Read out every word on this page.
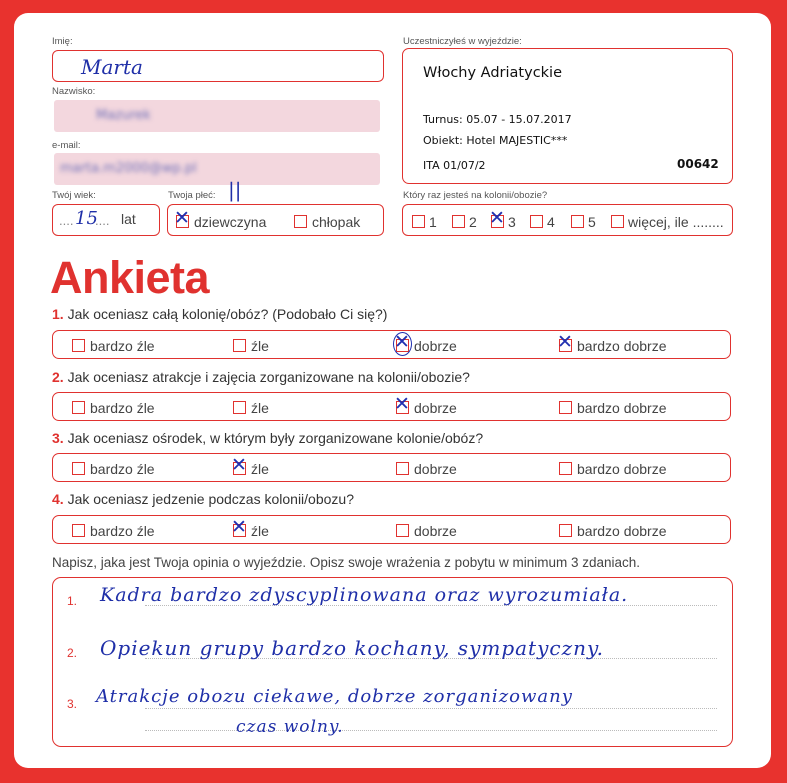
Imię:
Marta
Nazwisko:
Mazurek
e-mail:
marta.m2000@wp.pl
Twój wiek:
.... 15
.... lat
Twoja płeć:
✕ dziewczyna	chłopak
||
Uczestniczyłeś w wyjeździe:
Włochy Adriatyckie
Turnus: 05.07 - 15.07.2017
Obiekt: Hotel MAJESTIC***
ITA 01/07/2	00642
Który raz jesteś na kolonii/obozie?
1	2 ✕ 3	4	5	więcej, ile ........
Ankieta
1. Jak oceniasz całą kolonię/obóz? (Podobało Ci się?)
bardzo źle	źle	✕ dobrze	✕ bardzo dobrze
2. Jak oceniasz atrakcje i zajęcia zorganizowane na kolonii/obozie?
bardzo źle	źle	✕ dobrze	bardzo dobrze
3. Jak oceniasz ośrodek, w którym były zorganizowane kolonie/obóz?
bardzo źle	✕ źle	dobrze	bardzo dobrze
4. Jak oceniasz jedzenie podczas kolonii/obozu?
bardzo źle	✕ źle	dobrze	bardzo dobrze
Napisz, jaka jest Twoja opinia o wyjeździe. Opisz swoje wrażenia z pobytu w minimum 3 zdaniach.
1. Kadra bardzo zdyscyplinowana oraz wyrozumiała.
2. Opiekun grupy bardzo kochany, sympatyczny.
3. Atrakcje obozu ciekawe, dobrze zorganizowany
czas wolny.
